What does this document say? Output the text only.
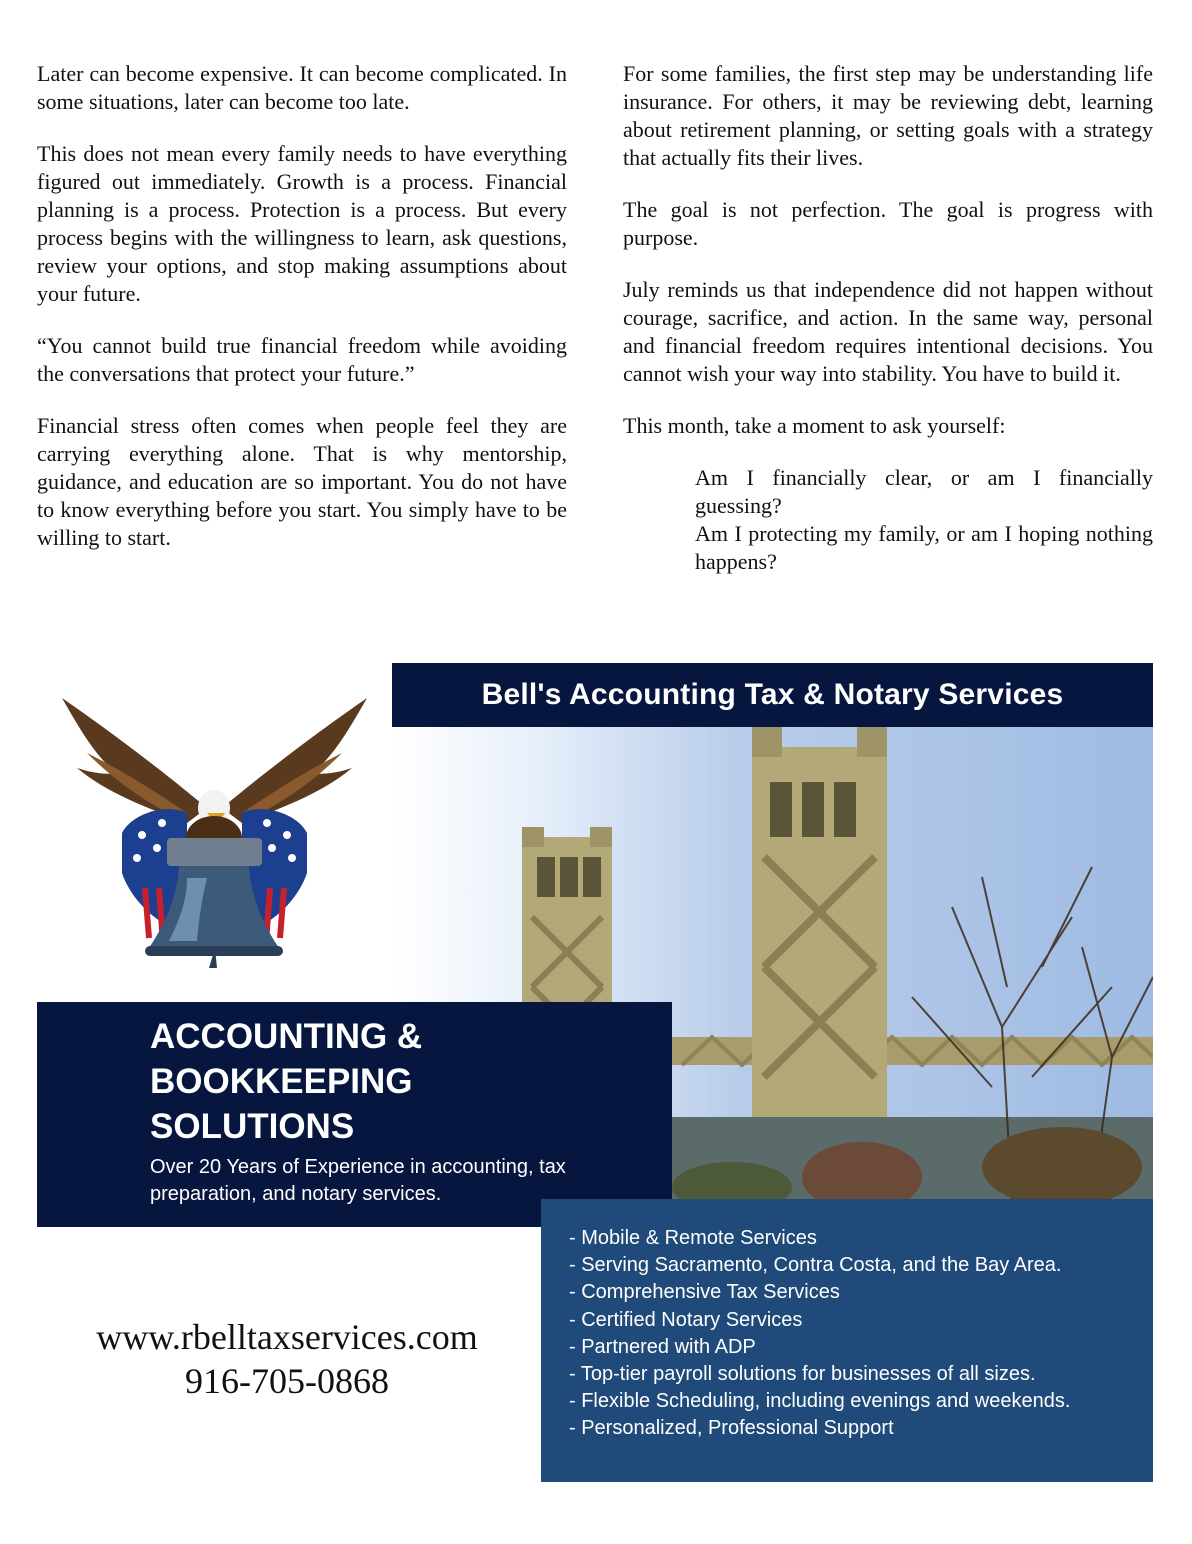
Later can become expensive. It can become complicated. In some situations, later can become too late.

This does not mean every family needs to have everything figured out immediately. Growth is a process. Financial planning is a process. Protection is a process. But every process begins with the willingness to learn, ask questions, review your options, and stop making assumptions about your future.

“You cannot build true financial freedom while avoiding the conversations that protect your future.”

Financial stress often comes when people feel they are carrying everything alone. That is why mentorship, guidance, and education are so important. You do not have to know everything before you start. You simply have to be willing to start.

For some families, the first step may be understanding life insurance. For others, it may be reviewing debt, learning about retirement planning, or setting goals with a strategy that actually fits their lives.

The goal is not perfection. The goal is progress with purpose.

July reminds us that independence did not happen without courage, sacrifice, and action. In the same way, personal and financial freedom requires intentional decisions. You cannot wish your way into stability. You have to build it.

This month, take a moment to ask yourself:

Am I financially clear, or am I financially guessing?

Am I protecting my family, or am I hoping nothing happens?

Bell's Accounting Tax & Notary Services
ACCOUNTING &
BOOKKEEPING
SOLUTIONS
Over 20 Years of Experience in accounting, tax preparation, and notary services.
- Mobile & Remote Services
- Serving Sacramento, Contra Costa, and the Bay Area.
- Comprehensive Tax Services
- Certified Notary Services
- Partnered with ADP
- Top-tier payroll solutions for businesses of all sizes.
- Flexible Scheduling, including evenings and weekends.
- Personalized, Professional Support
www.rbelltaxservices.com
916-705-0868
